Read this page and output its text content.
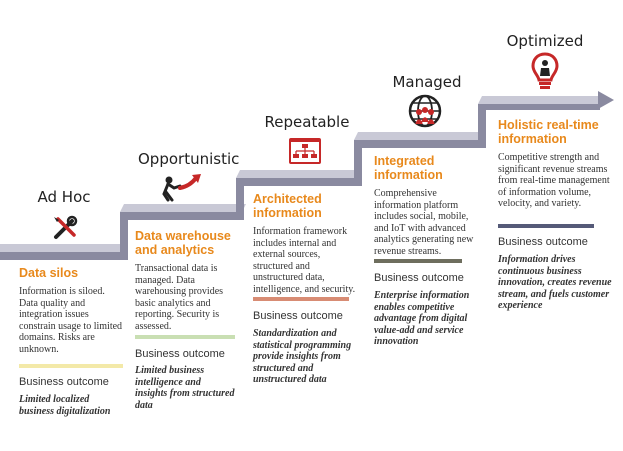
Ad Hoc
Opportunistic
Repeatable
Managed
Optimized
Data silos
Information is siloed. Data quality and integration issues constrain usage to limited domains. Risks are unknown.
Business outcome
Limited localized business digitalization
Data warehouse and analytics
Transactional data is managed. Data warehousing provides basic analytics and reporting. Security is assessed.
Business outcome
Limited business intelligence and insights from structured data
Architected information
Information framework includes internal and external sources, structured and unstructured data, intelligence, and security.
Business outcome
Standardization and statistical programming provide insights from structured and unstructured data
Integrated information
Comprehensive information platform includes social, mobile, and IoT with advanced analytics generating new revenue streams.
Business outcome
Enterprise information enables competitive advantage from digital value-add and service innovation
Holistic real-time information
Competitive strength and significant revenue streams from real-time management of information volume, velocity, and variety.
Business outcome
Information drives continuous business innovation, creates revenue stream, and fuels customer experience
